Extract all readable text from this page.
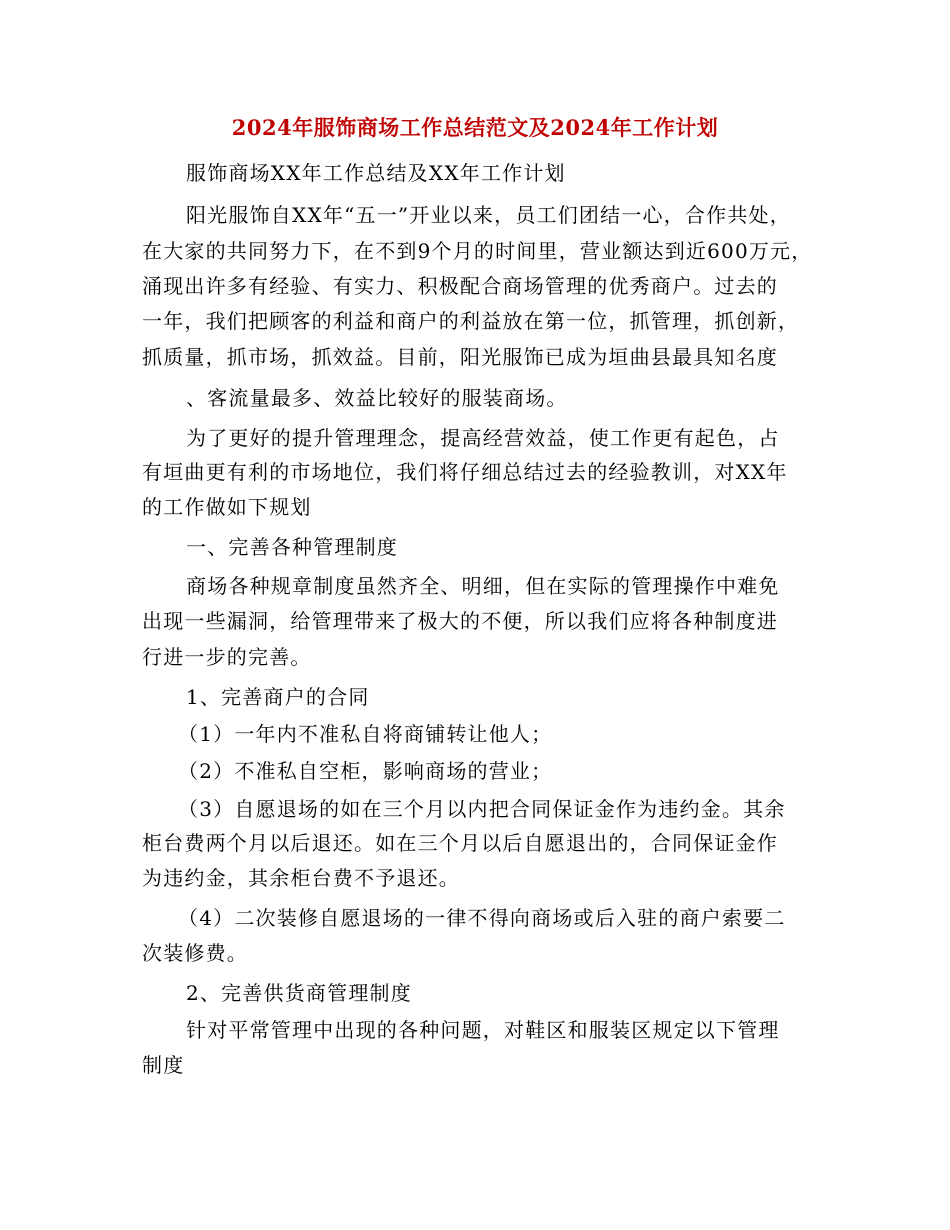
2024年服饰商场工作总结范文及2024年工作计划

服饰商场XX年工作总结及XX年工作计划

阳光服饰自XX年“五一”开业以来，员工们团结一心，合作共处，

在大家的共同努力下，在不到9个月的时间里，营业额达到近600万元，

涌现出许多有经验、有实力、积极配合商场管理的优秀商户。过去的

一年，我们把顾客的利益和商户的利益放在第一位，抓管理，抓创新，

抓质量，抓市场，抓效益。目前，阳光服饰已成为垣曲县最具知名度

、客流量最多、效益比较好的服装商场。

为了更好的提升管理理念，提高经营效益，使工作更有起色，占

有垣曲更有利的市场地位，我们将仔细总结过去的经验教训，对XX年

的工作做如下规划

一、完善各种管理制度

商场各种规章制度虽然齐全、明细，但在实际的管理操作中难免

出现一些漏洞，给管理带来了极大的不便，所以我们应将各种制度进

行进一步的完善。

1、完善商户的合同

（1）一年内不准私自将商铺转让他人；

（2）不准私自空柜，影响商场的营业；

（3）自愿退场的如在三个月以内把合同保证金作为违约金。其余

柜台费两个月以后退还。如在三个月以后自愿退出的，合同保证金作

为违约金，其余柜台费不予退还。

（4）二次装修自愿退场的一律不得向商场或后入驻的商户索要二

次装修费。

2、完善供货商管理制度

针对平常管理中出现的各种问题，对鞋区和服装区规定以下管理

制度
